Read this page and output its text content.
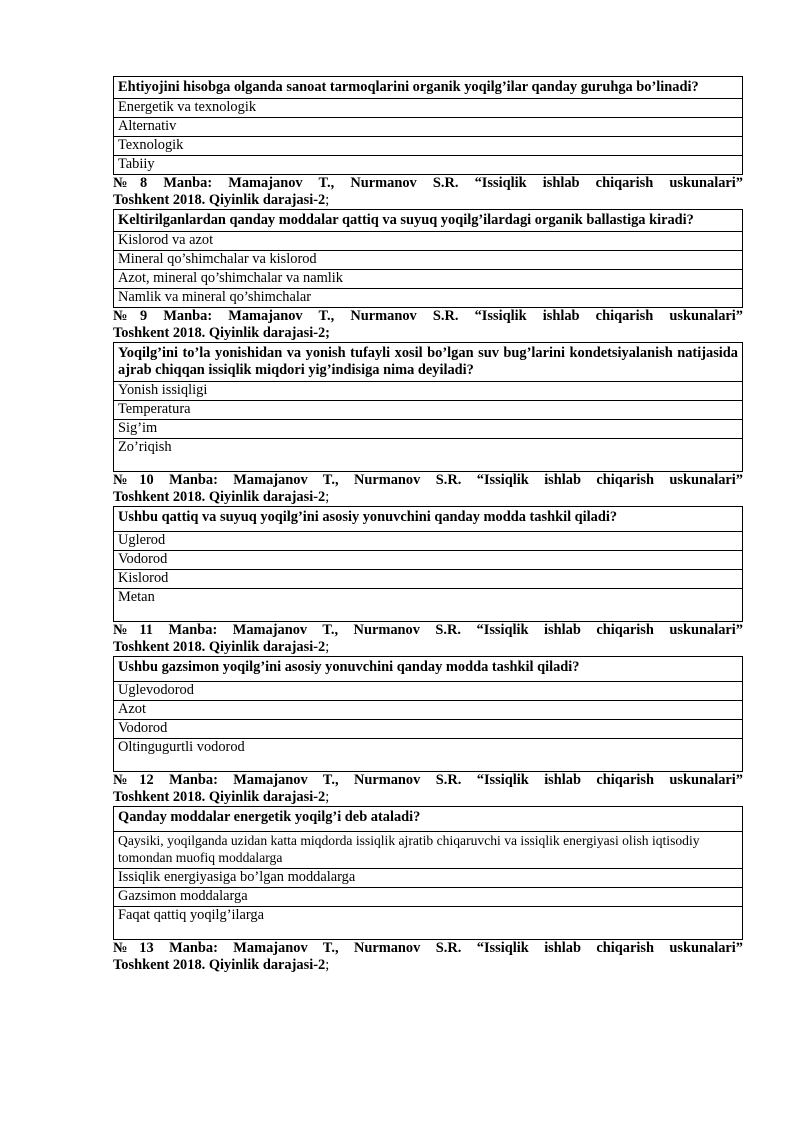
Ehtiyojini hisobga olganda sanoat tarmoqlarini organik yoqilg’ilar qanday guruhga bo’linadi?
Energetik va texnologik
Alternativ
Texnologik
Tabiiy

№8 Manba: Mamajanov T., Nurmanov S.R. “Issiqlik ishlab chiqarish uskunalari”
Toshkent 2018. Qiyinlik darajasi-2;

Keltirilganlardan qanday moddalar qattiq va suyuq yoqilg’ilardagi organik ballastiga kiradi?
Kislorod va azot
Mineral qo’shimchalar va kislorod
Azot, mineral qo’shimchalar va namlik
Namlik va mineral qo’shimchalar

№9 Manba: Mamajanov T., Nurmanov S.R. “Issiqlik ishlab chiqarish uskunalari”
Toshkent 2018. Qiyinlik darajasi-2;

Yoqilg’ini to’la yonishidan va yonish tufayli xosil bo’lgan suv bug’larini kondetsiyalanish natijasida ajrab chiqqan issiqlik miqdori yig’indisiga nima deyiladi?
Yonish issiqligi
Temperatura
Sig’im
Zo’riqish

№10 Manba: Mamajanov T., Nurmanov S.R. “Issiqlik ishlab chiqarish uskunalari”
Toshkent 2018. Qiyinlik darajasi-2;

Ushbu qattiq va suyuq yoqilg’ini asosiy yonuvchini qanday modda tashkil qiladi?
Uglerod
Vodorod
Kislorod
Metan

№11 Manba: Mamajanov T., Nurmanov S.R. “Issiqlik ishlab chiqarish uskunalari”
Toshkent 2018. Qiyinlik darajasi-2;

Ushbu gazsimon yoqilg’ini asosiy yonuvchini qanday modda tashkil qiladi?
Uglevodorod
Azot
Vodorod
Oltingugurtli vodorod

№12 Manba: Mamajanov T., Nurmanov S.R. “Issiqlik ishlab chiqarish uskunalari”
Toshkent 2018. Qiyinlik darajasi-2;

Qanday moddalar energetik yoqilg’i deb ataladi?
Qaysiki, yoqilganda uzidan katta miqdorda issiqlik ajratib chiqaruvchi va issiqlik energiyasi olish iqtisodiy tomondan muofiq moddalarga
Issiqlik energiyasiga bo’lgan moddalarga
Gazsimon moddalarga
Faqat qattiq yoqilg’ilarga

№13 Manba: Mamajanov T., Nurmanov S.R. “Issiqlik ishlab chiqarish uskunalari”
Toshkent 2018. Qiyinlik darajasi-2;
